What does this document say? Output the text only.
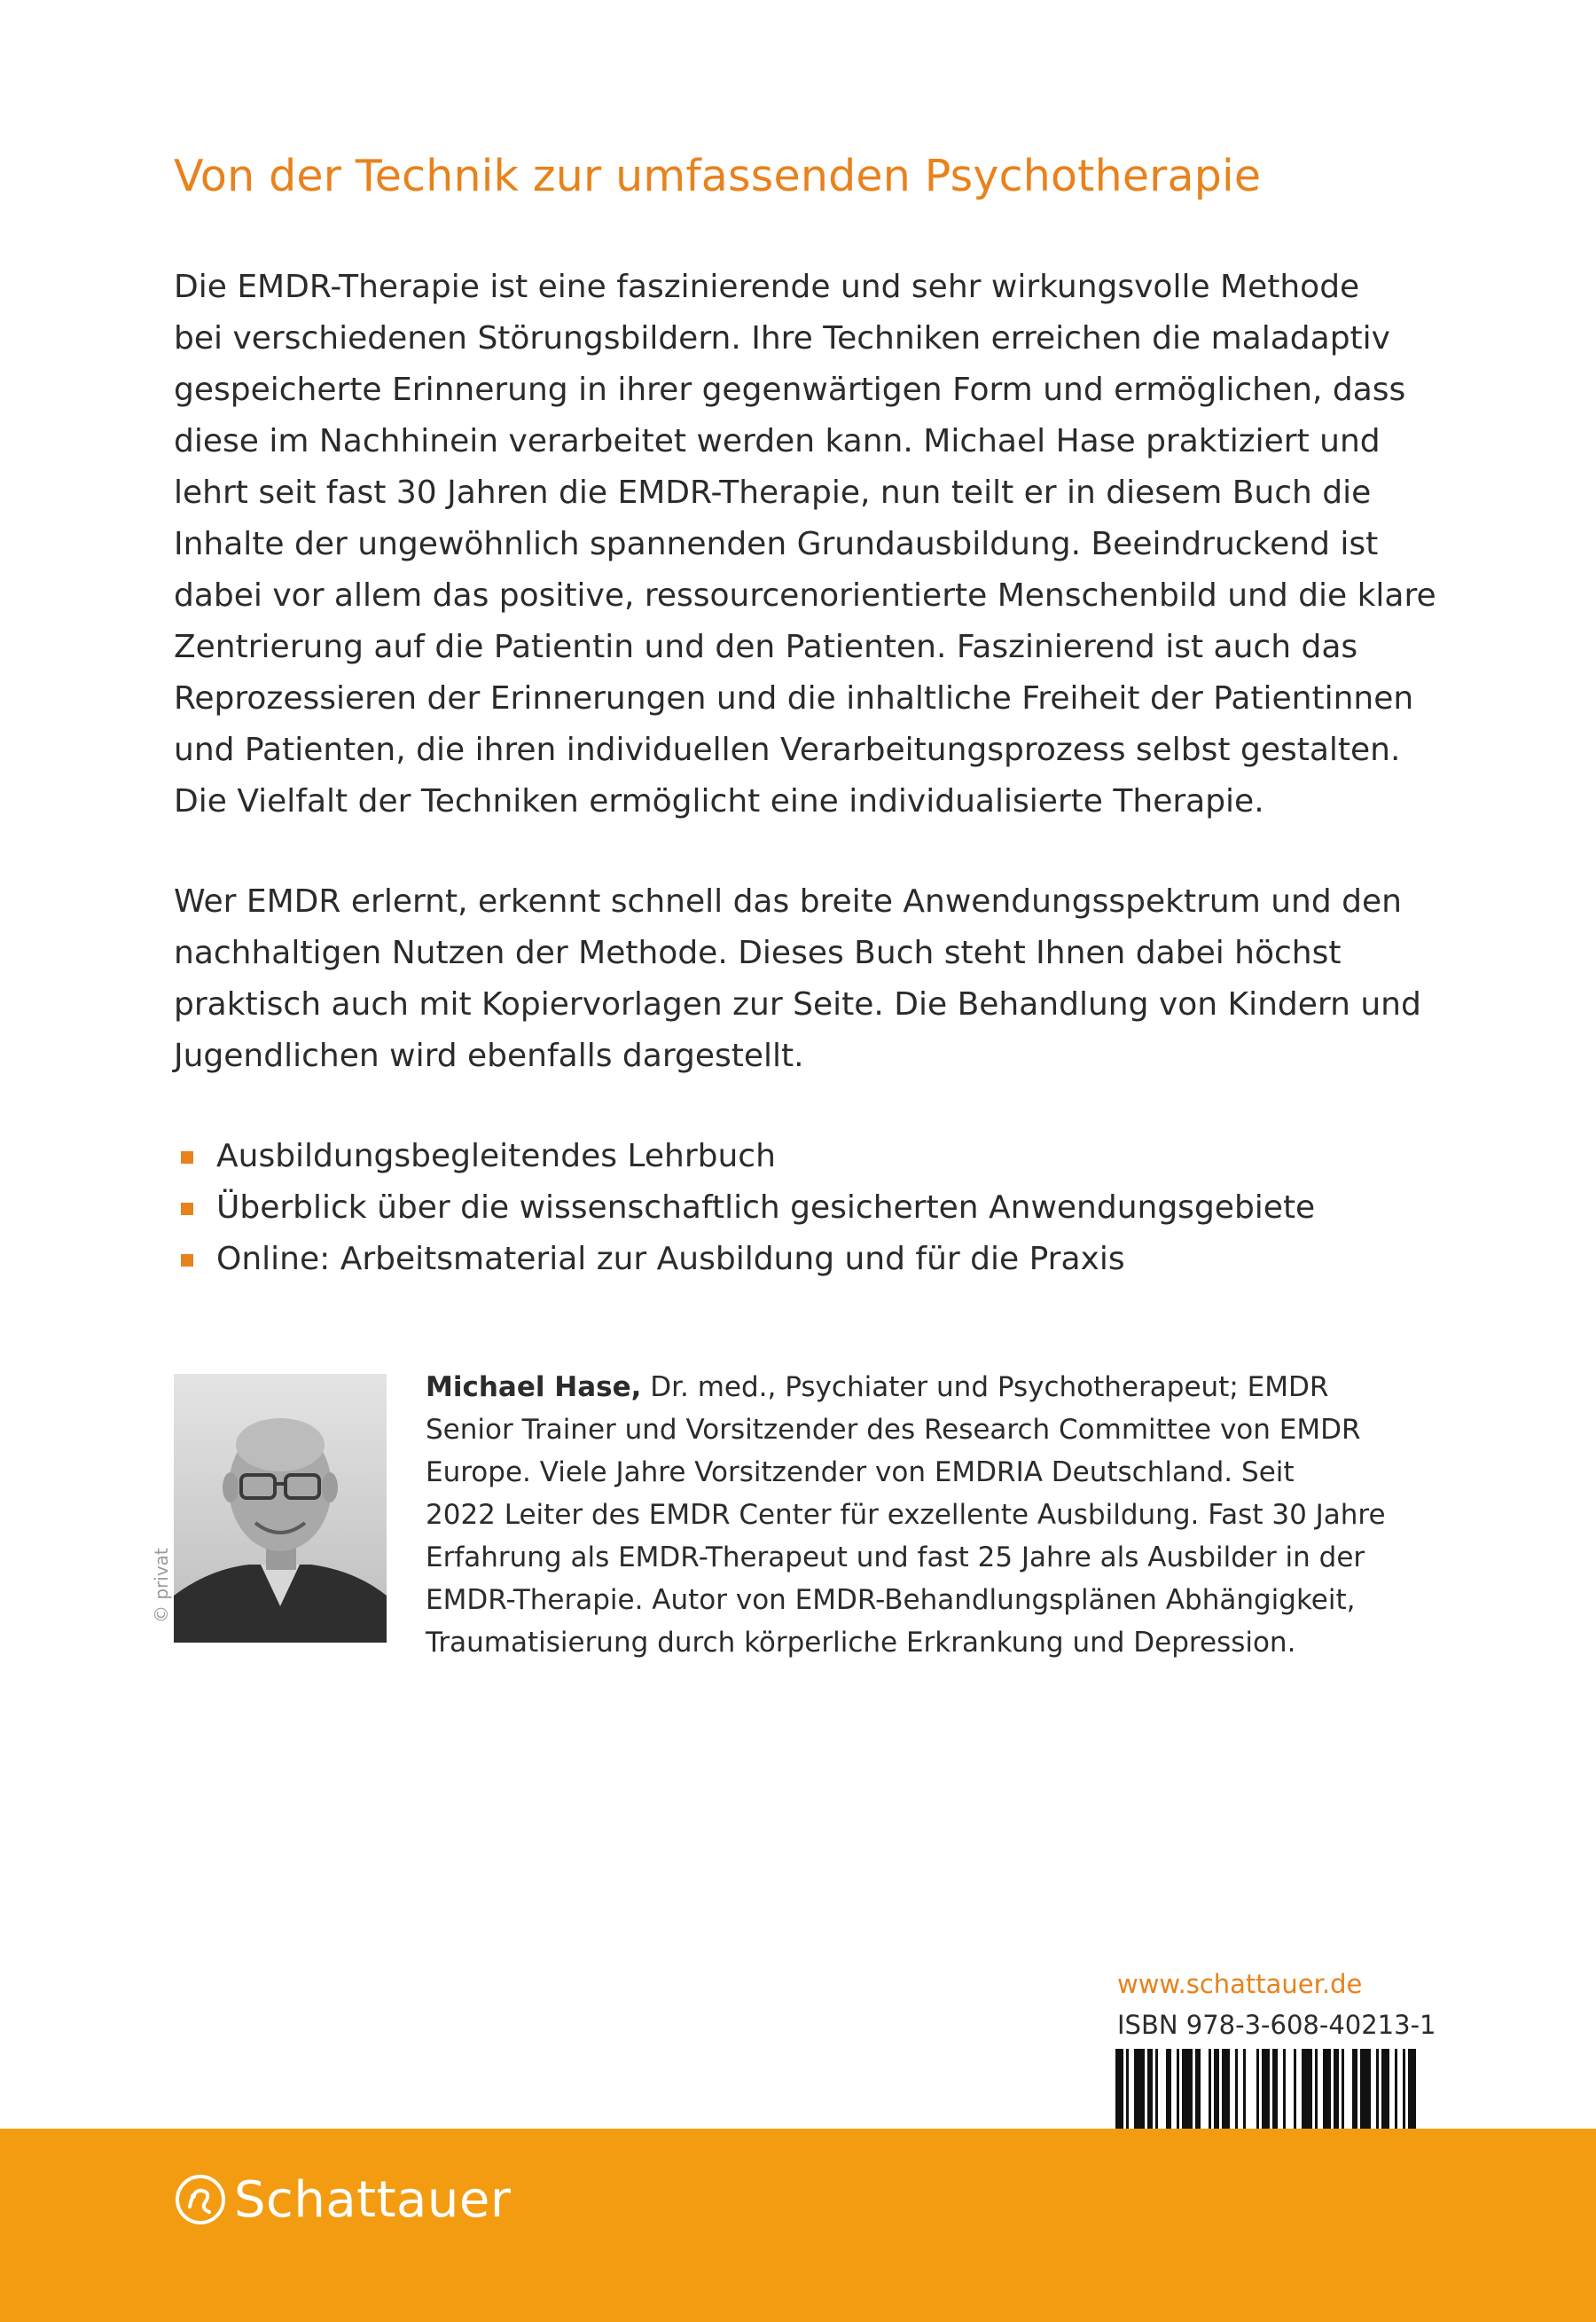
Von der Technik zur umfassenden Psychotherapie

Die EMDR-Therapie ist eine faszinierende und sehr wirkungsvolle Methode
bei verschiedenen Störungsbildern. Ihre Techniken erreichen die maladaptiv
gespeicherte Erinnerung in ihrer gegenwärtigen Form und ermöglichen, dass
diese im Nachhinein verarbeitet werden kann. Michael Hase praktiziert und
lehrt seit fast 30 Jahren die EMDR-Therapie, nun teilt er in diesem Buch die
Inhalte der ungewöhnlich spannenden Grundausbildung. Beeindruckend ist
dabei vor allem das positive, ressourcenorientierte Menschenbild und die klare
Zentrierung auf die Patientin und den Patienten. Faszinierend ist auch das
Reprozessieren der Erinnerungen und die inhaltliche Freiheit der Patientinnen
und Patienten, die ihren individuellen Verarbeitungsprozess selbst gestalten.
Die Vielfalt der Techniken ermöglicht eine individualisierte Therapie.

Wer EMDR erlernt, erkennt schnell das breite Anwendungsspektrum und den
nachhaltigen Nutzen der Methode. Dieses Buch steht Ihnen dabei höchst
praktisch auch mit Kopiervorlagen zur Seite. Die Behandlung von Kindern und
Jugendlichen wird ebenfalls dargestellt.

Ausbildungsbegleitendes Lehrbuch
Überblick über die wissenschaftlich gesicherten Anwendungsgebiete
Online: Arbeitsmaterial zur Ausbildung und für die Praxis
© privat

Michael Hase, Dr. med., Psychiater und Psychotherapeut; EMDR
Senior Trainer und Vorsitzender des Research Committee von EMDR
Europe. Viele Jahre Vorsitzender von EMDRIA Deutschland. Seit
2022 Leiter des EMDR Center für exzellente Ausbildung. Fast 30 Jahre
Erfahrung als EMDR-Therapeut und fast 25 Jahre als Ausbilder in der
EMDR-Therapie. Autor von EMDR-Behandlungsplänen Abhängigkeit,
Traumatisierung durch körperliche Erkrankung und Depression.

www.schattauer.de
ISBN 978-3-608-40213-1
Schattauer
